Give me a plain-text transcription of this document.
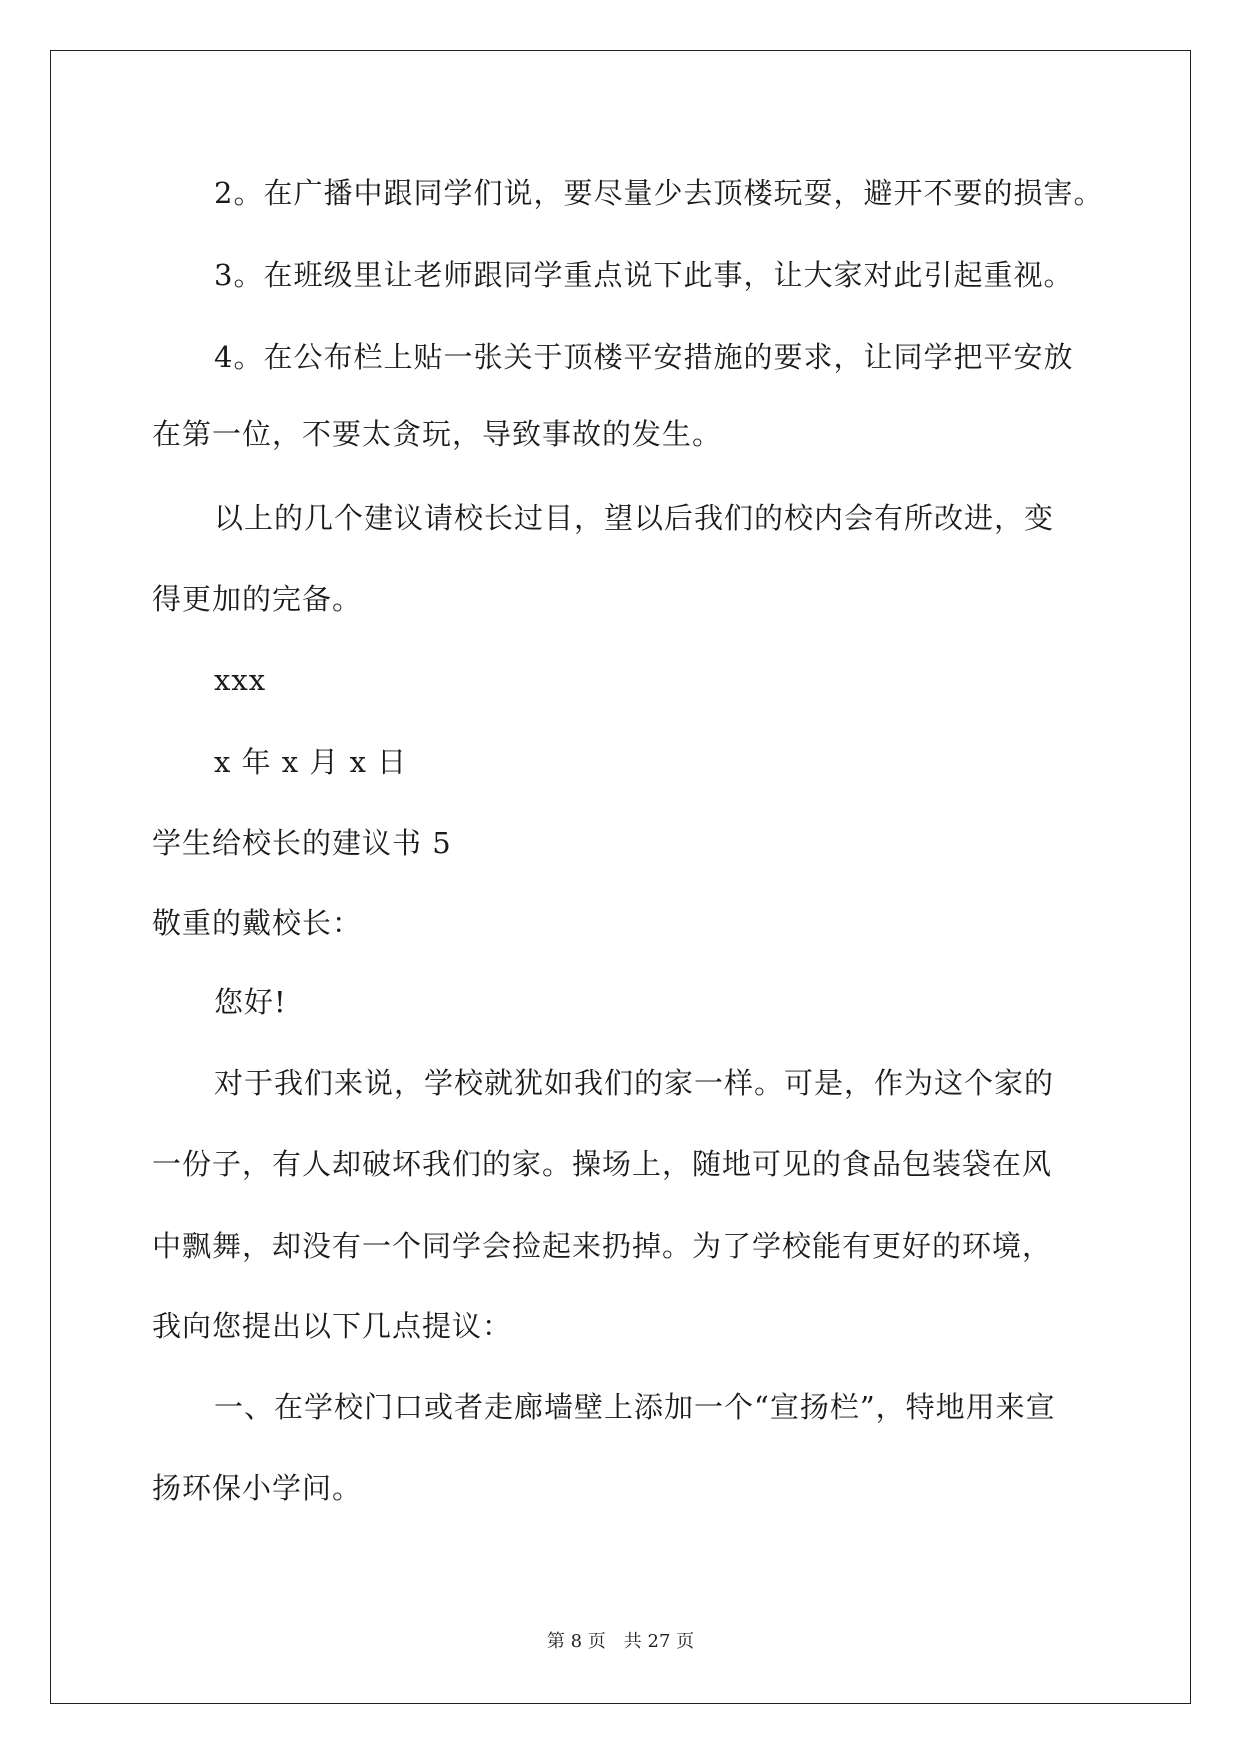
2。在广播中跟同学们说，要尽量少去顶楼玩耍，避开不要的损害。
3。在班级里让老师跟同学重点说下此事，让大家对此引起重视。
4。在公布栏上贴一张关于顶楼平安措施的要求，让同学把平安放
在第一位，不要太贪玩，导致事故的发生。
以上的几个建议请校长过目，望以后我们的校内会有所改进，变
得更加的完备。
xxx
x 年 x 月 x 日
学生给校长的建议书 5
敬重的戴校长：
您好!
对于我们来说，学校就犹如我们的家一样。可是，作为这个家的
一份子，有人却破坏我们的家。操场上，随地可见的食品包装袋在风
中飘舞，却没有一个同学会捡起来扔掉。为了学校能有更好的环境，
我向您提出以下几点提议：
一、在学校门口或者走廊墙壁上添加一个“宣扬栏”，特地用来宣
扬环保小学问。
第 8 页 共 27 页
